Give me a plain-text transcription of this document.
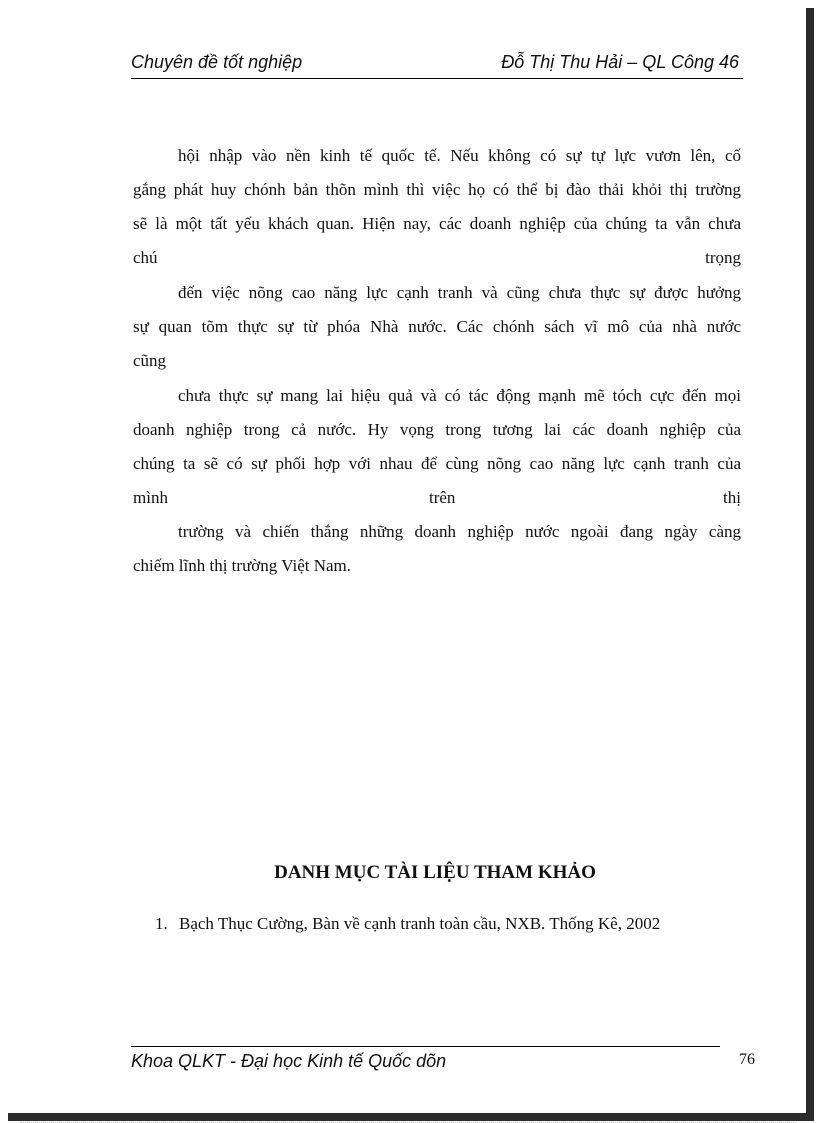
Chuyên đề tốt nghiệp	Đỗ Thị Thu Hải – QL Công 46
hội nhập vào nền kinh tế quốc tế. Nếu không có sự tự lực vươn lên, cố
gắng phát huy chónh bản thõn mình thì việc họ có thể bị đào thải khỏi thị trường
sẽ là một tất yếu khách quan. Hiện nay, các doanh nghiệp của chúng ta vẫn chưa
chú	trọng
đến việc nõng cao năng lực cạnh tranh và cũng chưa thực sự được hưởng
sự quan tõm thực sự từ phóa Nhà nước. Các chónh sách vĩ mô của nhà nước
cũng
chưa thực sự mang lai hiệu quả và có tác động mạnh mẽ tóch cực đến mọi
doanh nghiệp trong cả nước. Hy vọng trong tương lai các doanh nghiệp của
chúng ta sẽ có sự phối hợp với nhau để cùng nõng cao năng lực cạnh tranh của
mình	trên	thị
trường và chiến thắng những doanh nghiệp nước ngoài đang ngày càng
chiếm lĩnh thị trường Việt Nam.
DANH MỤC TÀI LIỆU THAM KHẢO
1. Bạch Thục Cường, Bàn về cạnh tranh toàn cầu, NXB. Thống Kê, 2002
Khoa QLKT - Đại học Kinh tế Quốc dõn	76
